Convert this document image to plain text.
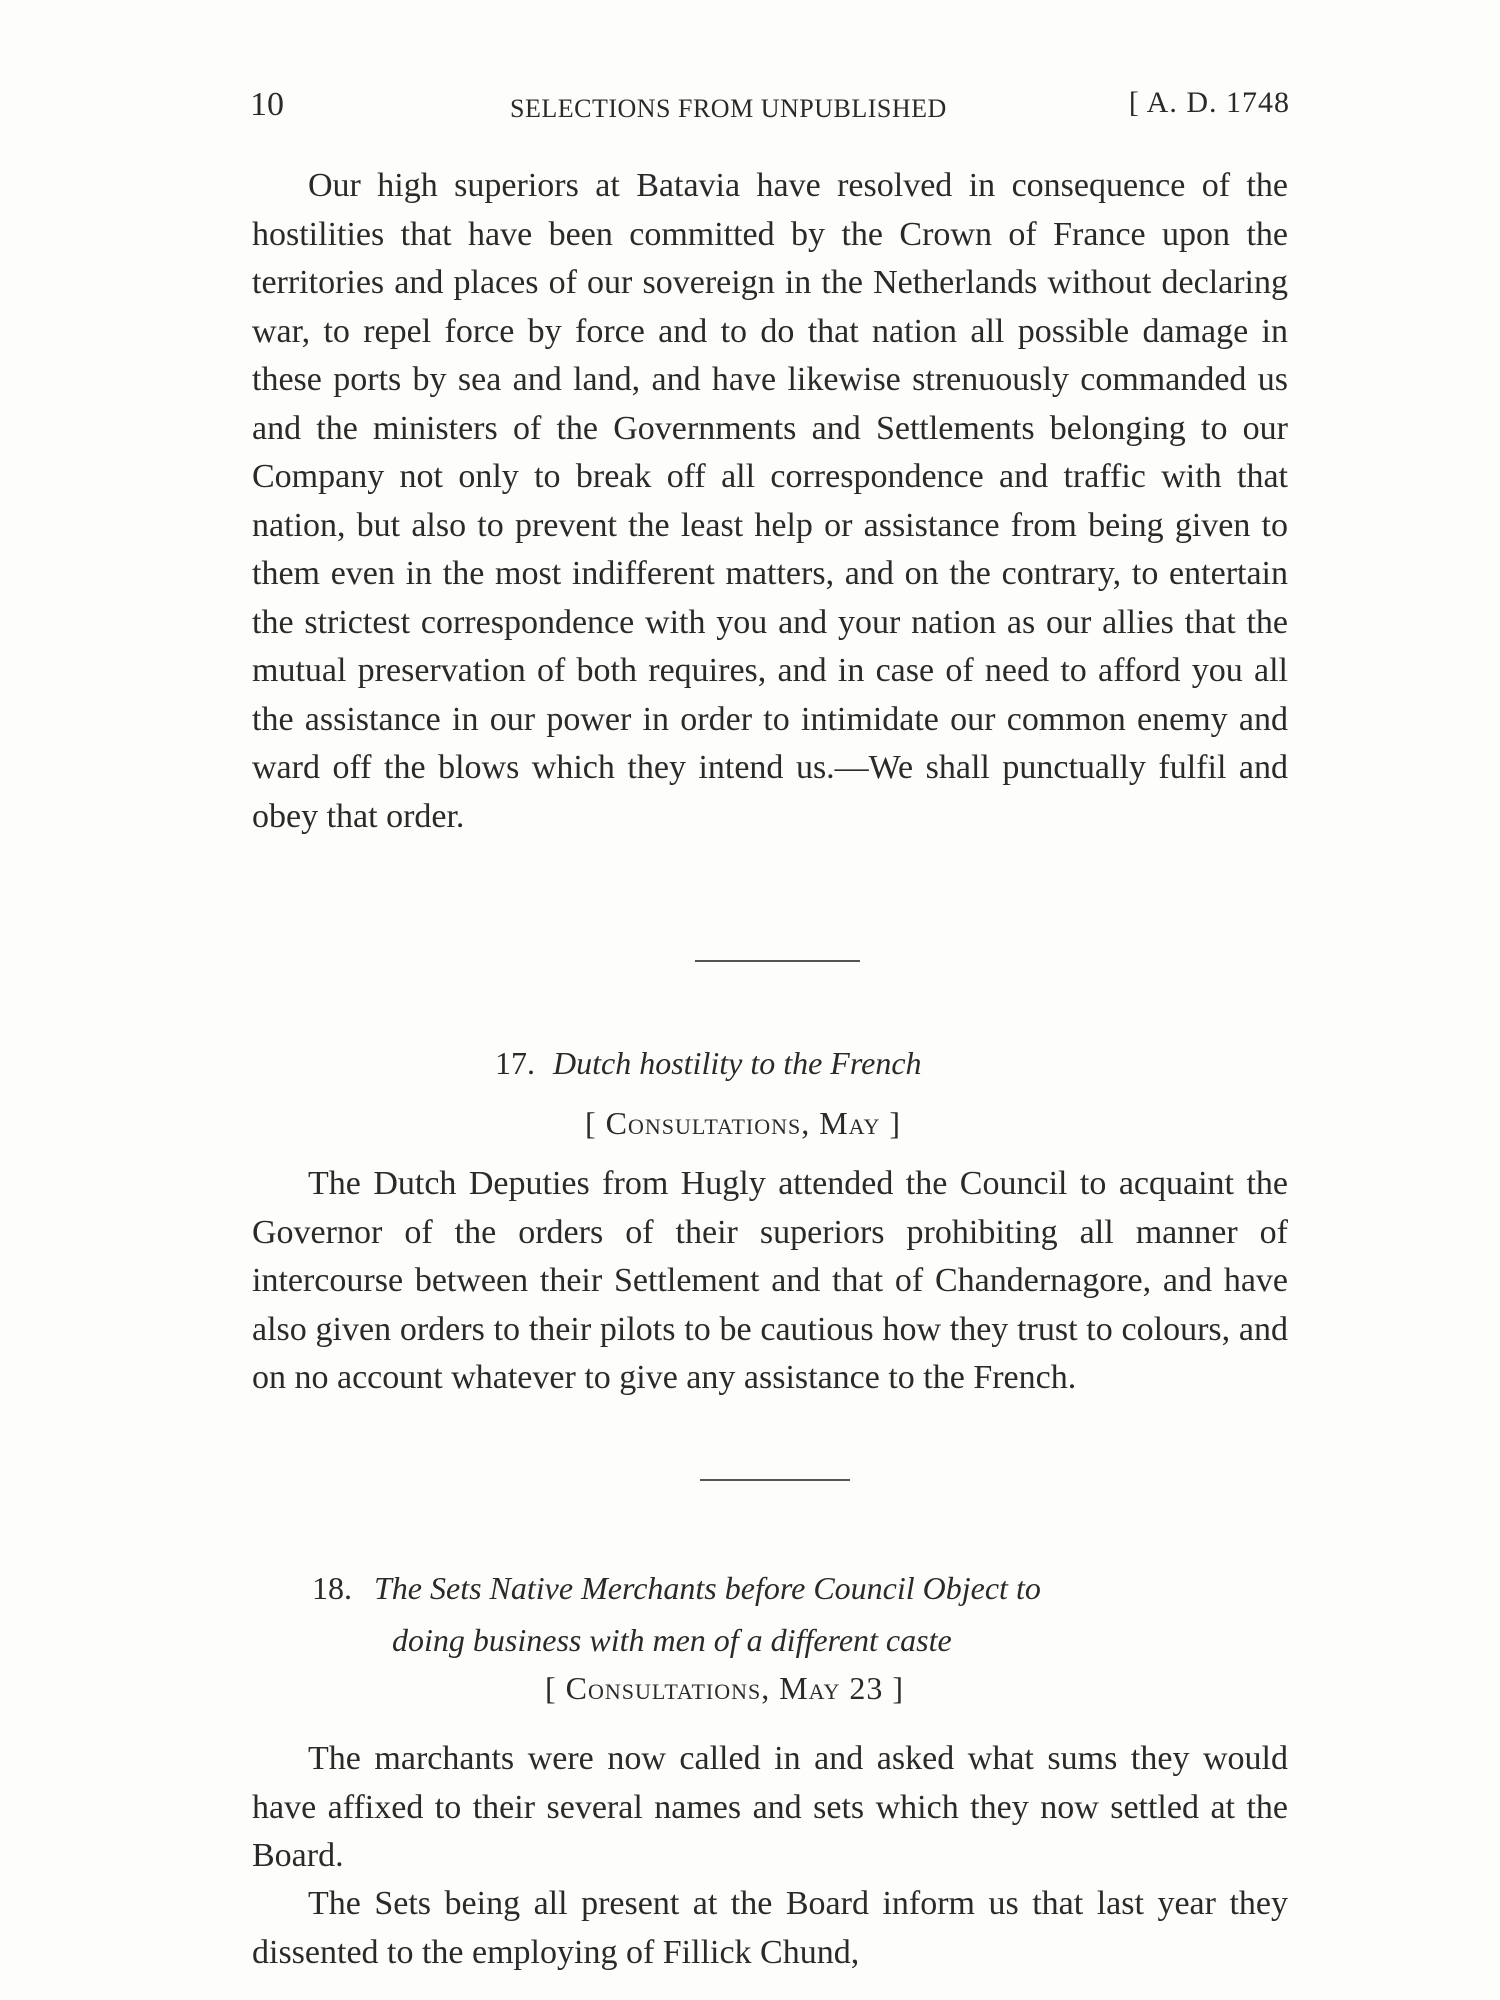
10	SELECTIONS FROM UNPUBLISHED	[ A. D. 1748

Our high superiors at Batavia have resolved in consequence of the hostilities that have been committed by the Crown of France upon the territories and places of our sovereign in the Netherlands without declaring war, to repel force by force and to do that nation all possible damage in these ports by sea and land, and have likewise strenuously commanded us and the ministers of the Governments and Settlements belonging to our Company not only to break off all correspondence and traffic with that nation, but also to prevent the least help or assistance from being given to them even in the most indifferent matters, and on the contrary, to entertain the strictest correspondence with you and your nation as our allies that the mutual preservation of both requires, and in case of need to afford you all the assistance in our power in order to intimidate our common enemy and ward off the blows which they intend us.—We shall punctually fulfil and obey that order.

17. Dutch hostility to the French
[ Consultations, May ]

The Dutch Deputies from Hugly attended the Council to acquaint the Governor of the orders of their superiors prohibiting all manner of intercourse between their Settlement and that of Chandernagore, and have also given orders to their pilots to be cautious how they trust to colours, and on no account whatever to give any assistance to the French.

18. The Sets Native Merchants before Council Object to
doing business with men of a different caste
[ Consultations, May 23 ]

The marchants were now called in and asked what sums they would have affixed to their several names and sets which they now settled at the Board.

The Sets being all present at the Board inform us that last year they dissented to the employing of Fillick Chund,
